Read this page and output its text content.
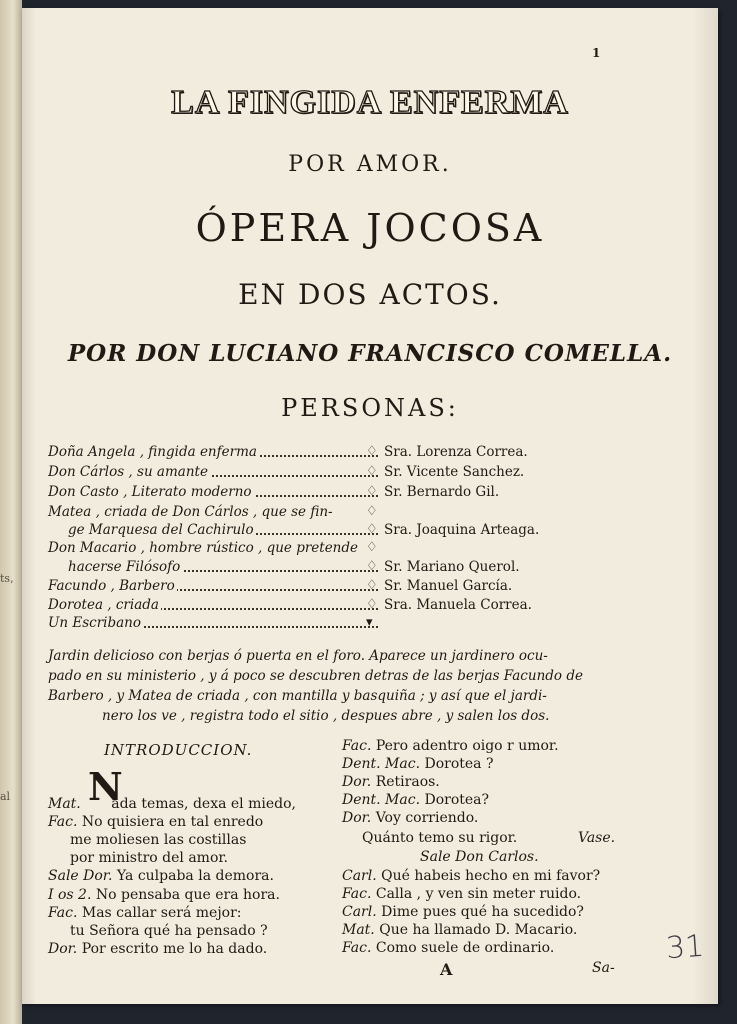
ts,
al
1
LA FINGIDA ENFERMA
POR AMOR.
ÓPERA JOCOSA
EN DOS ACTOS.
POR DON LUCIANO FRANCISCO COMELLA.
PERSONAS:
Doña Angela , fingida enferma	♢ Sra. Lorenza Correa.
Don Cárlos , su amante	♢ Sr. Vicente Sanchez.
Don Casto , Literato moderno	♢ Sr. Bernardo Gil.
Matea , criada de Don Cárlos , que se fin-	♢
ge Marquesa del Cachirulo	♢ Sra. Joaquina Arteaga.
Don Macario , hombre rústico , que pretende ♢
hacerse Filósofo	♢ Sr. Mariano Querol.
Facundo , Barbero	♢ Sr. Manuel García.
Dorotea , criada	♢ Sra. Manuela Correa.
Un Escribano	▾
Jardin delicioso con berjas ó puerta en el foro. Aparece un jardinero ocu-
pado en su ministerio , y á poco se descubren detras de las berjas Facundo de
Barbero , y Matea de criada , con mantilla y basquiña ; y así que el jardi-
nero los ve , registra todo el sitio , despues abre , y salen los dos.
INTRODUCCION.
N
Mat. ada temas, dexa el miedo,
Fac. No quisiera en tal enredo
me moliesen las costillas
por ministro del amor.
Sale Dor. Ya culpaba la demora.
I os 2. No pensaba que era hora.
Fac. Mas callar será mejor:
tu Señora qué ha pensado ?
Dor. Por escrito me lo ha dado.
Fac. Pero adentro oigo r umor.
Dent. Mac. Dorotea ?
Dor. Retiraos.
Dent. Mac. Dorotea?
Dor. Voy corriendo.
Quánto temo su rigor.	Vase.
Sale Don Carlos.
Carl. Qué habeis hecho en mi favor?
Fac. Calla , y ven sin meter ruido.
Carl. Dime pues qué ha sucedido?
Mat. Que ha llamado D. Macario.
Fac. Como suele de ordinario.
A	Sa-
31
